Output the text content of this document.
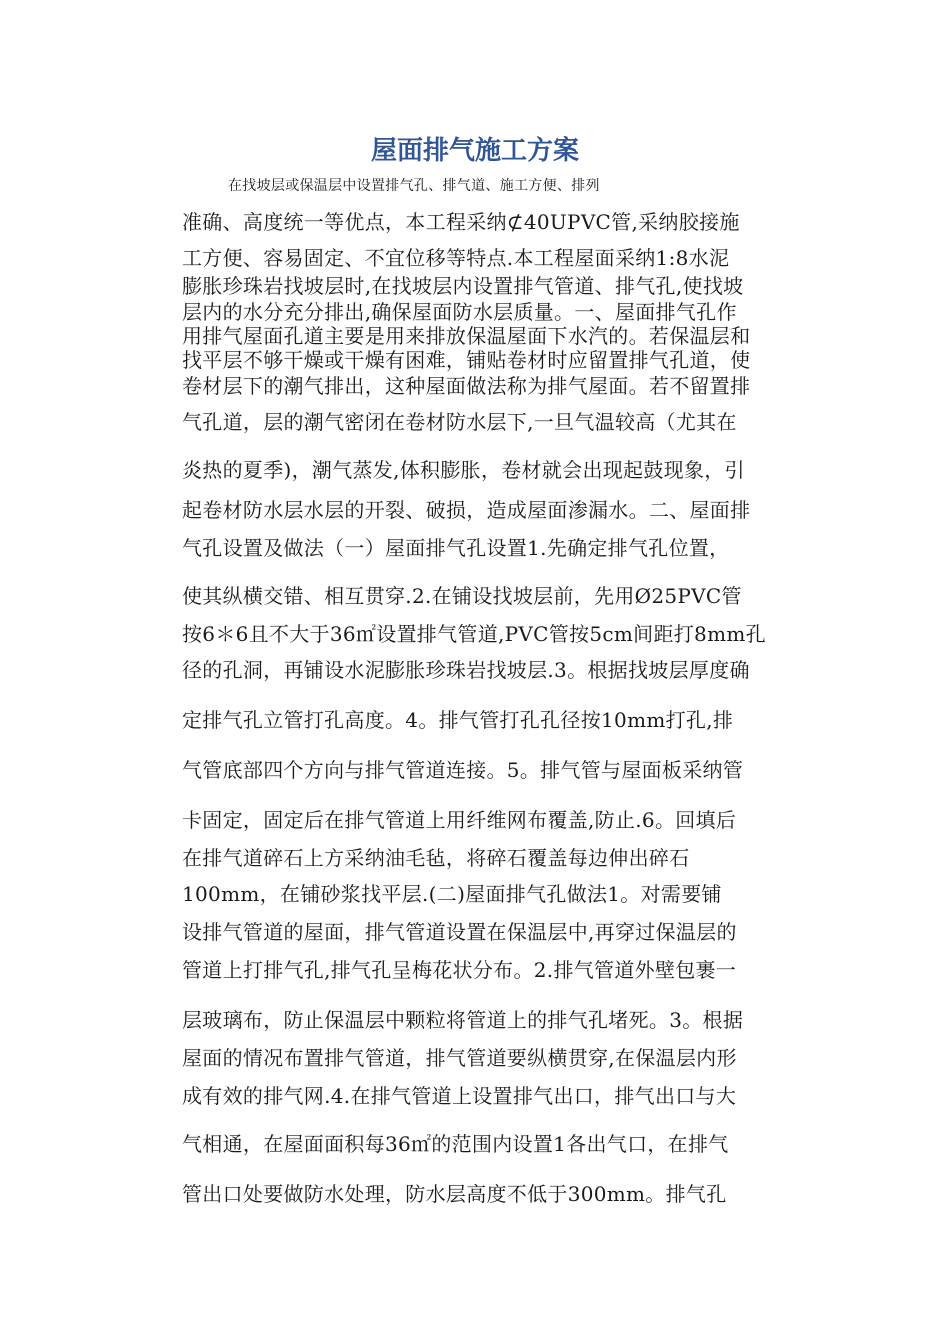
屋面排气施工方案
在找坡层或保温层中设置排气孔、排气道、施工方便、排列
准确、高度统一等优点，本工程采纳⊄40UPVC管,采纳胶接施
工方便、容易固定、不宜位移等特点.本工程屋面采纳1:8水泥
膨胀珍珠岩找坡层时,在找坡层内设置排气管道、排气孔,使找坡
层内的水分充分排出,确保屋面防水层质量。一、屋面排气孔作
用排气屋面孔道主要是用来排放保温屋面下水汽的。若保温层和
找平层不够干燥或干燥有困难，铺贴卷材时应留置排气孔道，使
卷材层下的潮气排出，这种屋面做法称为排气屋面。若不留置排
气孔道，层的潮气密闭在卷材防水层下,一旦气温较高（尤其在
炎热的夏季)，潮气蒸发,体积膨胀，卷材就会出现起鼓现象，引
起卷材防水层水层的开裂、破损，造成屋面渗漏水。二、屋面排
气孔设置及做法（一）屋面排气孔设置1.先确定排气孔位置，
使其纵横交错、相互贯穿.2.在铺设找坡层前，先用Ø25PVC管
按6＊6且不大于36㎡设置排气管道,PVC管按5cm间距打8mm孔
径的孔洞，再铺设水泥膨胀珍珠岩找坡层.3。根据找坡层厚度确
定排气孔立管打孔高度。4。排气管打孔孔径按10mm打孔,排
气管底部四个方向与排气管道连接。5。排气管与屋面板采纳管
卡固定，固定后在排气管道上用纤维网布覆盖,防止.6。回填后
在排气道碎石上方采纳油毛毡，将碎石覆盖每边伸出碎石
100mm，在铺砂浆找平层.(二)屋面排气孔做法1。对需要铺
设排气管道的屋面，排气管道设置在保温层中,再穿过保温层的
管道上打排气孔,排气孔呈梅花状分布。2.排气管道外壁包裹一
层玻璃布，防止保温层中颗粒将管道上的排气孔堵死。3。根据
屋面的情况布置排气管道，排气管道要纵横贯穿,在保温层内形
成有效的排气网.4.在排气管道上设置排气出口，排气出口与大
气相通，在屋面面积每36㎡的范围内设置1各出气口，在排气
管出口处要做防水处理，防水层高度不低于300mm。排气孔
